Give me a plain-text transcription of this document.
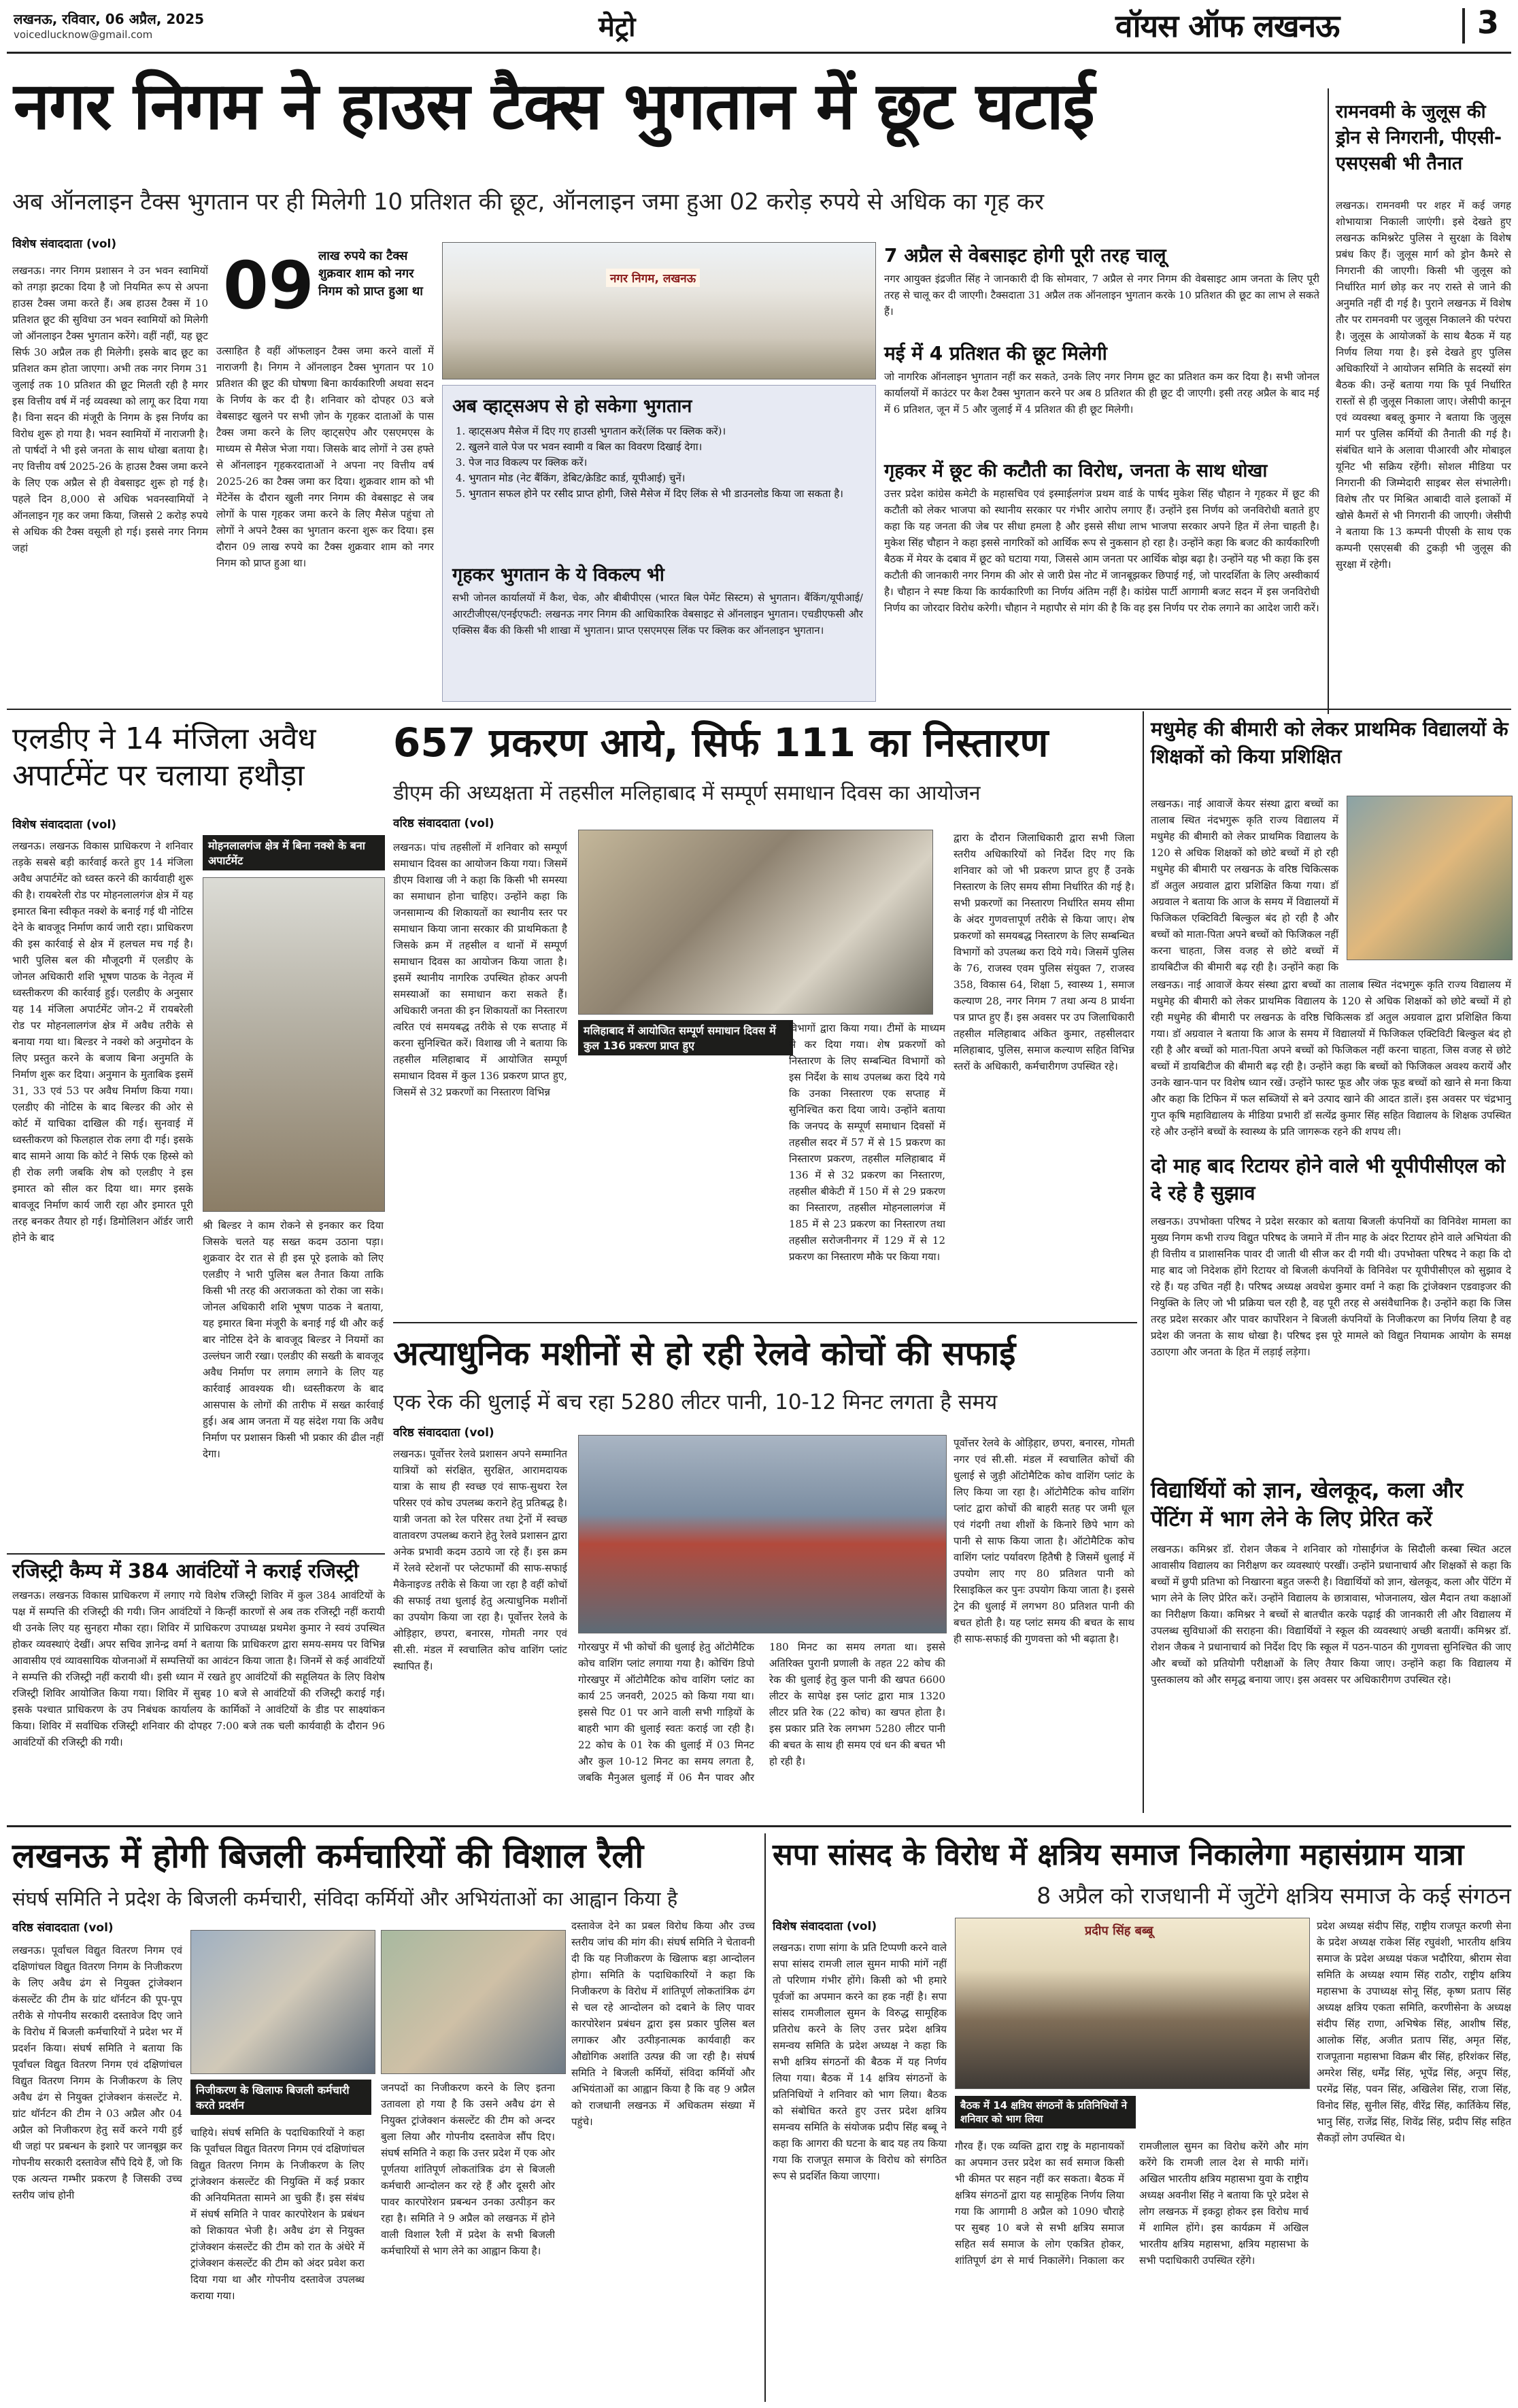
लखनऊ, रविवार, 06 अप्रैल, 2025
voicedlucknow@gmail.com	मेट्रो	वॉयस ऑफ लखनऊ	3
नगर निगम ने हाउस टैक्स भुगतान में छूट घटाई
अब ऑनलाइन टैक्स भुगतान पर ही मिलेगी 10 प्रतिशत की छूट, ऑनलाइन जमा हुआ 02 करोड़ रुपये से अधिक का गृह कर
विशेष संवाददाता (vol)
लखनऊ। नगर निगम प्रशासन ने उन भवन स्वामियों को तगड़ा झटका दिया है जो नियमित रूप से अपना हाउस टैक्स जमा करते हैं। अब हाउस टैक्स में 10 प्रतिशत छूट की सुविधा उन भवन स्वामियों को मिलेगी जो ऑनलाइन टैक्स भुगतान करेंगे। वहीं नहीं, यह छूट सिर्फ 30 अप्रैल तक ही मिलेगी। इसके बाद छूट का प्रतिशत कम होता जाएगा। अभी तक नगर निगम 31 जुलाई तक 10 प्रतिशत की छूट मिलती रही है मगर इस वित्तीय वर्ष में नई व्यवस्था को लागू कर दिया गया है। विना सदन की मंजूरी के निगम के इस निर्णय का विरोध शुरू हो गया है। भवन स्वामियों में नाराजगी है। तो पार्षदों ने भी इसे जनता के साथ धोखा बताया है। नए वित्तीय वर्ष 2025-26 के हाउस टैक्स जमा करने के लिए एक अप्रैल से ही वेबसाइट शुरू हो गई है। पहले दिन 8,000 से अधिक भवनस्वामियों ने ऑनलाइन गृह कर जमा किया, जिससे 2 करोड़ रुपये से अधिक की टैक्स वसूली हो गई। इससे नगर निगम जहां
09 लाख रुपये का टैक्स शुक्रवार शाम को नगर निगम को प्राप्त हुआ था
उत्साहित है वहीं ऑफलाइन टैक्स जमा करने वालों में नाराजगी है। निगम ने ऑनलाइन टैक्स भुगतान पर 10 प्रतिशत की छूट की घोषणा बिना कार्यकारिणी अथवा सदन के निर्णय के कर दी है। शनिवार को दोपहर 03 बजे वेबसाइट खुलने पर सभी ज़ोन के गृहकर दाताओं के पास टैक्स जमा करने के लिए व्हाट्सऐप और एसएमएस के माध्यम से मैसेज भेजा गया। जिसके बाद लोगों ने उस हफ्ते से ऑनलाइन गृहकरदाताओं ने अपना नए वित्तीय वर्ष 2025-26 का टैक्स जमा कर दिया। शुक्रवार शाम को भी मेंटेनेंस के दौरान खुली नगर निगम की वेबसाइट से जब लोगों के पास गृहकर जमा करने के लिए मैसेज पहुंचा तो लोगों ने अपने टैक्स का भुगतान करना शुरू कर दिया। इस दौरान 09 लाख रुपये का टैक्स शुक्रवार शाम को नगर निगम को प्राप्त हुआ था।
नगर निगम, लखनऊ
अब व्हाट्सअप से हो सकेगा भुगतान
1. व्हाट्सअप मैसेज में दिए गए हाउसी भुगतान करें(लिंक पर क्लिक करें)।
2. खुलने वाले पेज पर भवन स्वामी व बिल का विवरण दिखाई देगा।
3. पेज नाउ विकल्प पर क्लिक करें।
4. भुगतान मोड (नेट बैंकिंग, डेबिट/क्रेडिट कार्ड, यूपीआई) चुनें।
5. भुगतान सफल होने पर रसीद प्राप्त होगी, जिसे मैसेज में दिए लिंक से भी डाउनलोड किया जा सकता है।
गृहकर भुगतान के ये विकल्प भी
सभी जोनल कार्यालयों में कैश, चेक, और बीबीपीएस (भारत बिल पेमेंट सिस्टम) से भुगतान। बैंकिंग/यूपीआई/आरटीजीएस/एनईएफटी: लखनऊ नगर निगम की आधिकारिक वेबसाइट से ऑनलाइन भुगतान। एचडीएफसी और एक्सिस बैंक की किसी भी शाखा में भुगतान। प्राप्त एसएमएस लिंक पर क्लिक कर ऑनलाइन भुगतान।
7 अप्रैल से वेबसाइट होगी पूरी तरह चालू
नगर आयुक्त इंद्रजीत सिंह ने जानकारी दी कि सोमवार, 7 अप्रैल से नगर निगम की वेबसाइट आम जनता के लिए पूरी तरह से चालू कर दी जाएगी। टैक्सदाता 31 अप्रैल तक ऑनलाइन भुगतान करके 10 प्रतिशत की छूट का लाभ ले सकते हैं।
मई में 4 प्रतिशत की छूट मिलेगी
जो नागरिक ऑनलाइन भुगतान नहीं कर सकते, उनके लिए नगर निगम छूट का प्रतिशत कम कर दिया है। सभी जोनल कार्यालयों में काउंटर पर कैश टैक्स भुगतान करने पर अब 8 प्रतिशत की ही छूट दी जाएगी। इसी तरह अप्रैल के बाद मई में 6 प्रतिशत, जून में 5 और जुलाई में 4 प्रतिशत की ही छूट मिलेगी।
गृहकर में छूट की कटौती का विरोध, जनता के साथ धोखा
उत्तर प्रदेश कांग्रेस कमेटी के महासचिव एवं इस्माईलगंज प्रथम वार्ड के पार्षद मुकेश सिंह चौहान ने गृहकर में छूट की कटौती को लेकर भाजपा को स्थानीय सरकार पर गंभीर आरोप लगाए हैं। उन्होंने इस निर्णय को जनविरोधी बताते हुए कहा कि यह जनता की जेब पर सीधा हमला है और इससे सीधा लाभ भाजपा सरकार अपने हित में लेना चाहती है। मुकेश सिंह चौहान ने कहा इससे नागरिकों को आर्थिक रूप से नुकसान हो रहा है। उन्होंने कहा कि बजट की कार्यकारिणी बैठक में मेयर के दबाव में छूट को घटाया गया, जिससे आम जनता पर आर्थिक बोझ बढ़ा है। उन्होंने यह भी कहा कि इस कटौती की जानकारी नगर निगम की ओर से जारी प्रेस नोट में जानबूझकर छिपाई गई, जो पारदर्शिता के लिए अस्वीकार्य है। चौहान ने स्पष्ट किया कि कार्यकारिणी का निर्णय अंतिम नहीं है। कांग्रेस पार्टी आगामी बजट सदन में इस जनविरोधी निर्णय का जोरदार विरोध करेगी। चौहान ने महापौर से मांग की है कि वह इस निर्णय पर रोक लगाने का आदेश जारी करें।
रामनवमी के जुलूस की ड्रोन से निगरानी, पीएसी-एसएसबी भी तैनात
लखनऊ। रामनवमी पर शहर में कई जगह शोभायात्रा निकाली जाएंगी। इसे देखते हुए लखनऊ कमिश्नरेट पुलिस ने सुरक्षा के विशेष प्रबंध किए हैं। जुलूस मार्ग को ड्रोन कैमरे से निगरानी की जाएगी। किसी भी जुलूस को निर्धारित मार्ग छोड़ कर नए रास्ते से जाने की अनुमति नहीं दी गई है। पुराने लखनऊ में विशेष तौर पर रामनवमी पर जुलूस निकालने की परंपरा है। जुलूस के आयोजकों के साथ बैठक में यह निर्णय लिया गया है। इसे देखते हुए पुलिस अधिकारियों ने आयोजन समिति के सदस्यों संग बैठक की। उन्हें बताया गया कि पूर्व निर्धारित रास्तों से ही जुलूस निकाला जाए। जेसीपी कानून एवं व्यवस्था बबलू कुमार ने बताया कि जुलूस मार्ग पर पुलिस कर्मियों की तैनाती की गई है। संबंधित थाने के अलावा पीआरवी और मोबाइल यूनिट भी सक्रिय रहेंगी। सोशल मीडिया पर निगरानी की जिम्मेदारी साइबर सेल संभालेगी। विशेष तौर पर मिश्रित आबादी वाले इलाकों में खोसे कैमरों से भी निगरानी की जाएगी। जेसीपी ने बताया कि 13 कम्पनी पीएसी के साथ एक कम्पनी एसएसबी की टुकड़ी भी जुलूस की सुरक्षा में रहेगी।
एलडीए ने 14 मंजिला अवैध अपार्टमेंट पर चलाया हथौड़ा
विशेष संवाददाता (vol)
लखनऊ। लखनऊ विकास प्राधिकरण ने शनिवार तड़के सबसे बड़ी कार्रवाई करते हुए 14 मंजिला अवैध अपार्टमेंट को ध्वस्त करने की कार्यवाही शुरू की है। रायबरेली रोड पर मोहनलालगंज क्षेत्र में यह इमारत बिना स्वीकृत नक्शे के बनाई गई थी नोटिस देने के बावजूद निर्माण कार्य जारी रहा। प्राधिकरण की इस कार्रवाई से क्षेत्र में हलचल मच गई है। भारी पुलिस बल की मौजूदगी में एलडीए के जोनल अधिकारी शशि भूषण पाठक के नेतृत्व में ध्वस्तीकरण की कार्रवाई हुई। एलडीए के अनुसार यह 14 मंजिला अपार्टमेंट जोन-2 में रायबरेली रोड पर मोहनलालगंज क्षेत्र में अवैध तरीके से बनाया गया था। बिल्डर ने नक्शे को अनुमोदन के लिए प्रस्तुत करने के बजाय बिना अनुमति के निर्माण शुरू कर दिया। अनुमान के मुताबिक इसमें 31, 33 एवं 53 पर अवैध निर्माण किया गया। एलडीए की नोटिस के बाद बिल्डर की ओर से कोर्ट में याचिका दाखिल की गई। सुनवाई में ध्वस्तीकरण को फिलहाल रोक लगा दी गई। इसके बाद सामने आया कि कोर्ट ने सिर्फ एक हिस्से को ही रोक लगी जबकि शेष को एलडीए ने इस इमारत को सील कर दिया था। मगर इसके बावजूद निर्माण कार्य जारी रहा और इमारत पूरी तरह बनकर तैयार हो गई। डिमोलिशन ऑर्डर जारी होने के बाद
मोहनलालगंज क्षेत्र में बिना नक्शे के बना अपार्टमेंट
श्री बिल्डर ने काम रोकने से इनकार कर दिया जिसके चलते यह सख्त कदम उठाना पड़ा। शुक्रवार देर रात से ही इस पूरे इलाके को लिए एलडीए ने भारी पुलिस बल तैनात किया ताकि किसी भी तरह की अराजकता को रोका जा सके। जोनल अधिकारी शशि भूषण पाठक ने बताया, यह इमारत बिना मंजूरी के बनाई गई थी और कई बार नोटिस देने के बावजूद बिल्डर ने नियमों का उल्लंघन जारी रखा। एलडीए की सख्ती के बावजूद अवैध निर्माण पर लगाम लगाने के लिए यह कार्रवाई आवश्यक थी। ध्वस्तीकरण के बाद आसपास के लोगों की तारीफ में सख्त कार्रवाई हुई। अब आम जनता में यह संदेश गया कि अवैध निर्माण पर प्रशासन किसी भी प्रकार की ढील नहीं देगा।
रजिस्ट्री कैम्प में 384 आवंटियों ने कराई रजिस्ट्री
लखनऊ। लखनऊ विकास प्राधिकरण में लगाए गये विशेष रजिस्ट्री शिविर में कुल 384 आवंटियों के पक्ष में सम्पत्ति की रजिस्ट्री की गयी। जिन आवंटियों ने किन्हीं कारणों से अब तक रजिस्ट्री नहीं करायी थी उनके लिए यह सुनहरा मौका रहा। शिविर में प्राधिकरण उपाध्यक्ष प्रथमेश कुमार ने स्वयं उपस्थित होकर व्यवस्थाएं देखीं। अपर सचिव ज्ञानेन्द्र वर्मा ने बताया कि प्राधिकरण द्वारा समय-समय पर विभिन्न आवासीय एवं व्यावसायिक योजनाओं में सम्पत्तियों का आवंटन किया जाता है। जिनमें से कई आवंटियों ने सम्पत्ति की रजिस्ट्री नहीं करायी थी। इसी ध्यान में रखते हुए आवंटियों की सहूलियत के लिए विशेष रजिस्ट्री शिविर आयोजित किया गया। शिविर में सुबह 10 बजे से आवंटियों की रजिस्ट्री कराई गई। इसके पश्चात प्राधिकरण के उप निबंधक कार्यालय के कार्मिकों ने आवंटियों के डीड पर साक्ष्यांकन किया। शिविर में सर्वाधिक रजिस्ट्री शनिवार की दोपहर 7:00 बजे तक चली कार्यवाही के दौरान 96 आवंटियों की रजिस्ट्री की गयी।
657 प्रकरण आये, सिर्फ 111 का निस्तारण
डीएम की अध्यक्षता में तहसील मलिहाबाद में सम्पूर्ण समाधान दिवस का आयोजन
वरिष्ठ संवाददाता (vol)
लखनऊ। पांच तहसीलों में शनिवार को सम्पूर्ण समाधान दिवस का आयोजन किया गया। जिसमें डीएम विशाख जी ने कहा कि किसी भी समस्या का समाधान होना चाहिए। उन्होंने कहा कि जनसामान्य की शिकायतों का स्थानीय स्तर पर समाधान किया जाना सरकार की प्राथमिकता है जिसके क्रम में तहसील व थानों में सम्पूर्ण समाधान दिवस का आयोजन किया जाता है। इसमें स्थानीय नागरिक उपस्थित होकर अपनी समस्याओं का समाधान करा सकते हैं। अधिकारी जनता की इन शिकायतों का निस्तारण त्वरित एवं समयबद्ध तरीके से एक सप्ताह में करना सुनिश्चित करें। विशाख जी ने बताया कि तहसील मलिहाबाद में आयोजित सम्पूर्ण समाधान दिवस में कुल 136 प्रकरण प्राप्त हुए, जिसमें से 32 प्रकरणों का निस्तारण विभिन्न
मलिहाबाद में आयोजित सम्पूर्ण समाधान दिवस में कुल 136 प्रकरण प्राप्त हुए
विभागों द्वारा किया गया। टीमों के माध्यम से कर दिया गया। शेष प्रकरणों को निस्तारण के लिए सम्बन्धित विभागों को इस निर्देश के साथ उपलब्ध करा दिये गये कि उनका निस्तारण एक सप्ताह में सुनिश्चित करा दिया जाये। उन्होंने बताया कि जनपद के सम्पूर्ण समाधान दिवसों में तहसील सदर में 57 में से 15 प्रकरण का निस्तारण प्रकरण, तहसील मलिहाबाद में 136 में से 32 प्रकरण का निस्तारण, तहसील बीकेटी में 150 में से 29 प्रकरण का निस्तारण, तहसील मोहनलालगंज में 185 में से 23 प्रकरण का निस्तारण तथा तहसील सरोजनीनगर में 129 में से 12 प्रकरण का निस्तारण मौके पर किया गया।
द्वारा के दौरान जिलाधिकारी द्वारा सभी जिला स्तरीय अधिकारियों को निर्देश दिए गए कि शनिवार को जो भी प्रकरण प्राप्त हुए हैं उनके निस्तारण के लिए समय सीमा निर्धारित की गई है। सभी प्रकरणों का निस्तारण निर्धारित समय सीमा के अंदर गुणवत्तापूर्ण तरीके से किया जाए। शेष प्रकरणों को समयबद्ध निस्तारण के लिए सम्बन्धित विभागों को उपलब्ध करा दिये गये। जिसमें पुलिस के 76, राजस्व एवम पुलिस संयुक्त 7, राजस्व 358, विकास 64, शिक्षा 5, स्वास्थ्य 1, समाज कल्याण 28, नगर निगम 7 तथा अन्य 8 प्रार्थना पत्र प्राप्त हुए हैं। इस अवसर पर उप जिलाधिकारी तहसील मलिहाबाद अंकित कुमार, तहसीलदार मलिहाबाद, पुलिस, समाज कल्याण सहित विभिन्न स्तरों के अधिकारी, कर्मचारीगण उपस्थित रहे।
मधुमेह की बीमारी को लेकर प्राथमिक विद्यालयों के शिक्षकों को किया प्रशिक्षित
लखनऊ। नाई आवाजें केयर संस्था द्वारा बच्चों का तालाब स्थित नंदभगुरू कृति राज्य विद्यालय में मधुमेह की बीमारी को लेकर प्राथमिक विद्यालय के 120 से अधिक शिक्षकों को छोटे बच्चों में हो रही मधुमेह की बीमारी पर लखनऊ के वरिष्ठ चिकित्सक डॉ अतुल अग्रवाल द्वारा प्रशिक्षित किया गया। डॉ अग्रवाल ने बताया कि आज के समय में विद्यालयों में फिजिकल एक्टिविटी बिल्कुल बंद हो रही है और बच्चों को माता-पिता अपने बच्चों को फिजिकल नहीं करना चाहता, जिस वजह से छोटे बच्चों में डायबिटीज की बीमारी बढ़ रही है। उन्होंने कहा कि
लखनऊ। नाई आवाजें केयर संस्था द्वारा बच्चों का तालाब स्थित नंदभगुरू कृति राज्य विद्यालय में मधुमेह की बीमारी को लेकर प्राथमिक विद्यालय के 120 से अधिक शिक्षकों को छोटे बच्चों में हो रही मधुमेह की बीमारी पर लखनऊ के वरिष्ठ चिकित्सक डॉ अतुल अग्रवाल द्वारा प्रशिक्षित किया गया। डॉ अग्रवाल ने बताया कि आज के समय में विद्यालयों में फिजिकल एक्टिविटी बिल्कुल बंद हो रही है और बच्चों को माता-पिता अपने बच्चों को फिजिकल नहीं करना चाहता, जिस वजह से छोटे बच्चों में डायबिटीज की बीमारी बढ़ रही है। उन्होंने कहा कि बच्चों को फिजिकल अवश्य करायें और उनके खान-पान पर विशेष ध्यान रखें। उन्होंने फास्ट फूड और जंक फूड बच्चों को खाने से मना किया और कहा कि टिफिन में फल सब्जियों से बने उत्पाद खाने की आदत डालें। इस अवसर पर चंद्रभानु गुप्त कृषि महाविद्यालय के मीडिया प्रभारी डॉ सत्येंद्र कुमार सिंह सहित विद्यालय के शिक्षक उपस्थित रहे और उन्होंने बच्चों के स्वास्थ्य के प्रति जागरूक रहने की शपथ ली।
दो माह बाद रिटायर होने वाले भी यूपीपीसीएल को दे रहे है सुझाव
लखनऊ। उपभोक्ता परिषद ने प्रदेश सरकार को बताया बिजली कंपनियों का विनिवेश मामला का मुख्य निगम कभी राज्य विद्युत परिषद के जमाने में तीन माह के अंदर रिटायर होने वाले अभियंता की ही वित्तीय व प्राशासनिक पावर दी जाती थी सीज कर दी गयी थी। उपभोक्ता परिषद ने कहा कि दो माह बाद जो निदेशक होंगे रिटायर वो बिजली कंपनियों के विनिवेश पर यूपीपीसीएल को सुझाव दे रहे हैं। यह उचित नहीं है। परिषद अध्यक्ष अवधेश कुमार वर्मा ने कहा कि ट्रांजेक्शन एडवाइजर की नियुक्ति के लिए जो भी प्रक्रिया चल रही है, वह पूरी तरह से असंवैधानिक है। उन्होंने कहा कि जिस तरह प्रदेश सरकार और पावर कार्पोरेशन ने बिजली कंपनियों के निजीकरण का निर्णय लिया है वह प्रदेश की जनता के साथ धोखा है। परिषद इस पूरे मामले को विद्युत नियामक आयोग के समक्ष उठाएगा और जनता के हित में लड़ाई लड़ेगा।
विद्यार्थियों को ज्ञान, खेलकूद, कला और पेंटिंग में भाग लेने के लिए प्रेरित करें
लखनऊ। कमिश्नर डॉ. रोशन जैकब ने शनिवार को गोसाईंगंज के सिदौली कस्बा स्थित अटल आवासीय विद्यालय का निरीक्षण कर व्यवस्थाएं परखीं। उन्होंने प्रधानाचार्य और शिक्षकों से कहा कि बच्चों में छुपी प्रतिभा को निखारना बहुत जरूरी है। विद्यार्थियों को ज्ञान, खेलकूद, कला और पेंटिंग में भाग लेने के लिए प्रेरित करें। उन्होंने विद्यालय के छात्रावास, भोजनालय, खेल मैदान तथा कक्षाओं का निरीक्षण किया। कमिश्नर ने बच्चों से बातचीत करके पढ़ाई की जानकारी ली और विद्यालय में उपलब्ध सुविधाओं की सराहना की। विद्यार्थियों ने स्कूल की व्यवस्थाएं अच्छी बतायीं। कमिश्नर डॉ. रोशन जैकब ने प्रधानाचार्य को निर्देश दिए कि स्कूल में पठन-पाठन की गुणवत्ता सुनिश्चित की जाए और बच्चों को प्रतियोगी परीक्षाओं के लिए तैयार किया जाए। उन्होंने कहा कि विद्यालय में पुस्तकालय को और समृद्ध बनाया जाए। इस अवसर पर अधिकारीगण उपस्थित रहे।
अत्याधुनिक मशीनों से हो रही रेलवे कोचों की सफाई
एक रेक की धुलाई में बच रहा 5280 लीटर पानी, 10-12 मिनट लगता है समय
वरिष्ठ संवाददाता (vol)
लखनऊ। पूर्वोत्तर रेलवे प्रशासन अपने सम्मानित यात्रियों को संरक्षित, सुरक्षित, आरामदायक यात्रा के साथ ही स्वच्छ एवं साफ-सुथरा रेल परिसर एवं कोच उपलब्ध कराने हेतु प्रतिबद्ध है। यात्री जनता को रेल परिसर तथा ट्रेनों में स्वच्छ वातावरण उपलब्ध कराने हेतु रेलवे प्रशासन द्वारा अनेक प्रभावी कदम उठाये जा रहे हैं। इस क्रम में रेलवे स्टेशनों पर प्लेटफार्मों की साफ-सफाई मैकेनाइज्ड तरीके से किया जा रहा है वहीं कोचों की सफाई तथा धुलाई हेतु अत्याधुनिक मशीनों का उपयोग किया जा रहा है। पूर्वोत्तर रेलवे के ओड़िहार, छपरा, बनारस, गोमती नगर एवं सी.सी. मंडल में स्वचालित कोच वाशिंग प्लांट स्थापित हैं।
गोरखपुर में भी कोचों की धुलाई हेतु ऑटोमैटिक कोच वाशिंग प्लांट लगाया गया है। कोचिंग डिपो गोरखपुर में ऑटोमैटिक कोच वाशिंग प्लांट का कार्य 25 जनवरी, 2025 को किया गया था। इससे पिट 01 पर आने वाली सभी गाड़ियों के बाहरी भाग की धुलाई स्वतः कराई जा रही है। 22 कोच के 01 रेक की धुलाई में 03 मिनट और कुल 10-12 मिनट का समय लगता है, जबकि मैनुअल धुलाई में 06 मैन पावर और 180 मिनट का समय लगता था। इससे अतिरिक्त पुरानी प्रणाली के तहत 22 कोच की रेक की धुलाई हेतु कुल पानी की खपत 6600 लीटर के सापेक्ष इस प्लांट द्वारा मात्र 1320 लीटर प्रति रेक (22 कोच) का खपत होता है। इस प्रकार प्रति रेक लगभग 5280 लीटर पानी की बचत के साथ ही समय एवं धन की बचत भी हो रही है।
पूर्वोत्तर रेलवे के ओड़िहार, छपरा, बनारस, गोमती नगर एवं सी.सी. मंडल में स्वचालित कोचों की धुलाई से जुड़ी ऑटोमैटिक कोच वाशिंग प्लांट के लिए किया जा रहा है। ऑटोमैटिक कोच वाशिंग प्लांट द्वारा कोचों की बाहरी सतह पर जमी धूल एवं गंदगी तथा शीशों के किनारे छिपे भाग को पानी से साफ किया जाता है। ऑटोमैटिक कोच वाशिंग प्लांट पर्यावरण हितैषी है जिसमें धुलाई में उपयोग लाए गए 80 प्रतिशत पानी को रिसाइकिल कर पुनः उपयोग किया जाता है। इससे ट्रेन की धुलाई में लगभग 80 प्रतिशत पानी की बचत होती है। यह प्लांट समय की बचत के साथ ही साफ-सफाई की गुणवत्ता को भी बढ़ाता है।
लखनऊ में होगी बिजली कर्मचारियों की विशाल रैली
संघर्ष समिति ने प्रदेश के बिजली कर्मचारी, संविदा कर्मियों और अभियंताओं का आह्वान किया है
वरिष्ठ संवाददाता (vol)
लखनऊ। पूर्वांचल विद्युत वितरण निगम एवं दक्षिणांचल विद्युत वितरण निगम के निजीकरण के लिए अवैध ढंग से नियुक्त ट्रांजेक्शन कंसल्टेंट की टीम के ग्रांट थॉर्नटन की पूप-पूप तरीके से गोपनीय सरकारी दस्तावेज दिए जाने के विरोध में बिजली कर्मचारियों ने प्रदेश भर में प्रदर्शन किया। संघर्ष समिति ने बताया कि पूर्वांचल विद्युत वितरण निगम एवं दक्षिणांचल विद्युत वितरण निगम के निजीकरण के लिए अवैध ढंग से नियुक्त ट्रांजेक्शन कंसल्टेंट मे. ग्रांट थॉर्नटन की टीम ने 03 अप्रैल और 04 अप्रैल को निजीकरण हेतु सर्वे करने गयी हुई थी जहां पर प्रबन्धन के इशारे पर जानबूझ कर गोपनीय सरकारी दस्तावेज सौंपे दिये हैं, जो कि एक अत्यन्त गम्भीर प्रकरण है जिसकी उच्च स्तरीय जांच होनी
निजीकरण के खिलाफ बिजली कर्मचारी करते प्रदर्शन
चाहिये। संघर्ष समिति के पदाधिकारियों ने कहा कि पूर्वांचल विद्युत वितरण निगम एवं दक्षिणांचल विद्युत वितरण निगम के निजीकरण के लिए ट्रांजेक्शन कंसल्टेंट की नियुक्ति में कई प्रकार की अनियमितता सामने आ चुकी हैं। इस संबंध में संघर्ष समिति ने पावर कारपोरेशन के प्रबंधन को शिकायत भेजी है। अवैध ढंग से नियुक्त ट्रांजेक्शन कंसल्टेंट की टीम को रात के अंधेरे में ट्रांजेक्शन कंसल्टेंट की टीम को अंदर प्रवेश करा दिया गया था और गोपनीय दस्तावेज उपलब्ध कराया गया।
जनपदों का निजीकरण करने के लिए इतना उतावला हो गया है कि उसने अवैध ढंग से नियुक्त ट्रांजेक्शन कंसल्टेंट की टीम को अन्दर बुला लिया और गोपनीय दस्तावेज सौंप दिए। संघर्ष समिति ने कहा कि उत्तर प्रदेश में एक ओर पूर्णतया शांतिपूर्ण लोकतांत्रिक ढंग से बिजली कर्मचारी आन्दोलन कर रहे हैं और दूसरी ओर पावर कारपोरेशन प्रबन्धन उनका उत्पीड़न कर रहा है। समिति ने 9 अप्रैल को लखनऊ में होने वाली विशाल रैली में प्रदेश के सभी बिजली कर्मचारियों से भाग लेने का आह्वान किया है।
दस्तावेज देने का प्रबल विरोध किया और उच्च स्तरीय जांच की मांग की। संघर्ष समिति ने चेतावनी दी कि यह निजीकरण के खिलाफ बड़ा आन्दोलन होगा। समिति के पदाधिकारियों ने कहा कि निजीकरण के विरोध में शांतिपूर्ण लोकतांत्रिक ढंग से चल रहे आन्दोलन को दबाने के लिए पावर कारपोरेशन प्रबंधन द्वारा इस प्रकार पुलिस बल लगाकर और उत्पीड़नात्मक कार्यवाही कर औद्योगिक अशांति उत्पन्न की जा रही है। संघर्ष समिति ने बिजली कर्मियों, संविदा कर्मियों और अभियंताओं का आह्वान किया है कि वह 9 अप्रैल को राजधानी लखनऊ में अधिकतम संख्या में पहुंचे।
सपा सांसद के विरोध में क्षत्रिय समाज निकालेगा महासंग्राम यात्रा
8 अप्रैल को राजधानी में जुटेंगे क्षत्रिय समाज के कई संगठन
विशेष संवाददाता (vol)
लखनऊ। राणा सांगा के प्रति टिप्पणी करने वाले सपा सांसद रामजी लाल सुमन माफी मांगें नहीं तो परिणाम गंभीर होंगे। किसी को भी हमारे पूर्वजों का अपमान करने का हक नहीं है। सपा सांसद रामजीलाल सुमन के विरुद्ध सामूहिक प्रतिरोध करने के लिए उत्तर प्रदेश क्षत्रिय समन्वय समिति के प्रदेश अध्यक्ष ने कहा कि सभी क्षत्रिय संगठनों की बैठक में यह निर्णय लिया गया। बैठक में 14 क्षत्रिय संगठनों के प्रतिनिधियों ने शनिवार को भाग लिया। बैठक को संबोधित करते हुए उत्तर प्रदेश क्षत्रिय समन्वय समिति के संयोजक प्रदीप सिंह बब्बू ने कहा कि आगरा की घटना के बाद यह तय किया गया कि राजपूत समाज के विरोध को संगठित रूप से प्रदर्शित किया जाएगा।
प्रदीप सिंह बब्बू
बैठक में 14 क्षत्रिय संगठनों के प्रतिनिधियों ने शनिवार को भाग लिया
गौरव हैं। एक व्यक्ति द्वारा राष्ट्र के महानायकों का अपमान उत्तर प्रदेश का सर्व समाज किसी भी कीमत पर सहन नहीं कर सकता। बैठक में क्षत्रिय संगठनों द्वारा यह सामूहिक निर्णय लिया गया कि आगामी 8 अप्रैल को 1090 चौराहे पर सुबह 10 बजे से सभी क्षत्रिय समाज सहित सर्व समाज के लोग एकत्रित होकर, शांतिपूर्ण ढंग से मार्च निकालेंगे। निकाला कर रामजीलाल सुमन का विरोध करेंगे और मांग करेंगे कि रामजी लाल देश से माफी मांगें। अखिल भारतीय क्षत्रिय महासभा युवा के राष्ट्रीय अध्यक्ष अवनीश सिंह ने बताया कि पूरे प्रदेश से लोग लखनऊ में इकट्ठा होकर इस विरोध मार्च में शामिल होंगे। इस कार्यक्रम में अखिल भारतीय क्षत्रिय महासभा, क्षत्रिय महासभा के सभी पदाधिकारी उपस्थित रहेंगे।
प्रदेश अध्यक्ष संदीप सिंह, राष्ट्रीय राजपूत करणी सेना के प्रदेश अध्यक्ष राकेश सिंह रघुवंशी, भारतीय क्षत्रिय समाज के प्रदेश अध्यक्ष पंकज भदौरिया, श्रीराम सेवा समिति के अध्यक्ष श्याम सिंह राठौर, राष्ट्रीय क्षत्रिय महासभा के उपाध्यक्ष सोनू सिंह, कृष्ण प्रताप सिंह अध्यक्ष क्षत्रिय एकता समिति, करणीसेना के अध्यक्ष संदीप सिंह राणा, अभिषेक सिंह, आशीष सिंह, आलोक सिंह, अजीत प्रताप सिंह, अमृत सिंह, राजपूताना महासभा विक्रम बीर सिंह, हरिशंकर सिंह, अमरेश सिंह, धर्मेंद्र सिंह, भूपेंद्र सिंह, अनूप सिंह, परमेंद्र सिंह, पवन सिंह, अखिलेश सिंह, राजा सिंह, विनोद सिंह, सुनील सिंह, वीरेंद्र सिंह, कार्तिकेय सिंह, भानु सिंह, राजेंद्र सिंह, शिवेंद्र सिंह, प्रदीप सिंह सहित सैकड़ों लोग उपस्थित थे।
